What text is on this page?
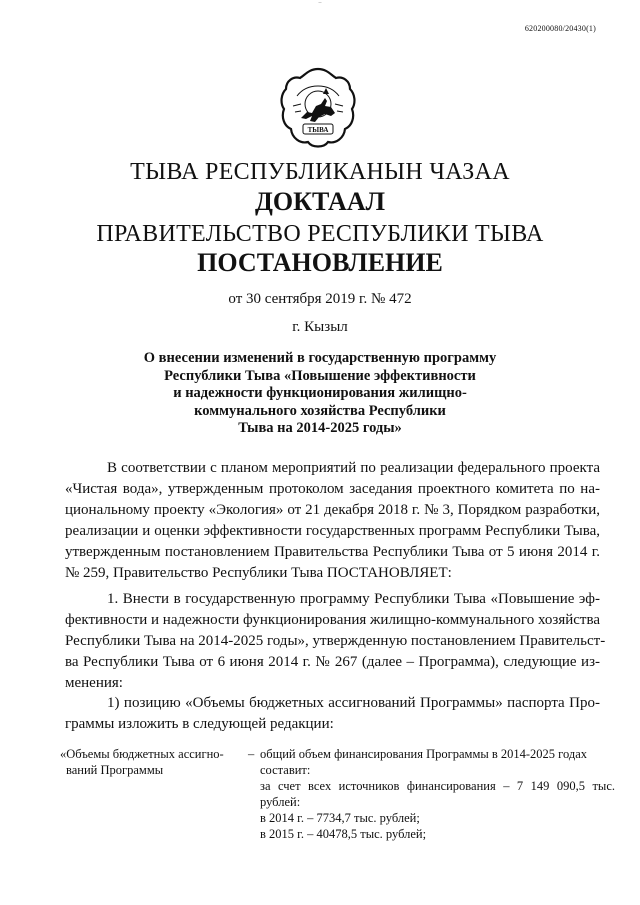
–
620200080/20430(1)
ТЫВА
ТЫВА РЕСПУБЛИКАНЫН ЧАЗАА
ДОКТААЛ
ПРАВИТЕЛЬСТВО РЕСПУБЛИКИ ТЫВА
ПОСТАНОВЛЕНИЕ
от 30 сентября 2019 г. № 472
г. Кызыл
О внесении изменений в государственную программу
Республики Тыва «Повышение эффективности
и надежности функционирования жилищно-
коммунального хозяйства Республики
Тыва на 2014-2025 годы»
В соответствии с планом мероприятий по реализации федерального проекта
«Чистая вода», утвержденным протоколом заседания проектного комитета по на-
циональному проекту «Экология» от 21 декабря 2018 г. № 3, Порядком разработки,
реализации и оценки эффективности государственных программ Республики Тыва,
утвержденным постановлением Правительства Республики Тыва от 5 июня 2014 г.
№ 259, Правительство Республики Тыва ПОСТАНОВЛЯЕТ:
1. Внести в государственную программу Республики Тыва «Повышение эф-
фективности и надежности функционирования жилищно-коммунального хозяйства
Республики Тыва на 2014-2025 годы», утвержденную постановлением Правительст-
ва Республики Тыва от 6 июня 2014 г. № 267 (далее – Программа), следующие из-
менения:
1) позицию «Объемы бюджетных ассигнований Программы» паспорта Про-
граммы изложить в следующей редакции:
«Объемы бюджетных ассигно-
ваний Программы
– общий объем финансирования Программы в 2014-2025 годах
составит:
за счет всех источников финансирования – 7 149 090,5 тыс.
рублей:
в 2014 г. – 7734,7 тыс. рублей;
в 2015 г. – 40478,5 тыс. рублей;
